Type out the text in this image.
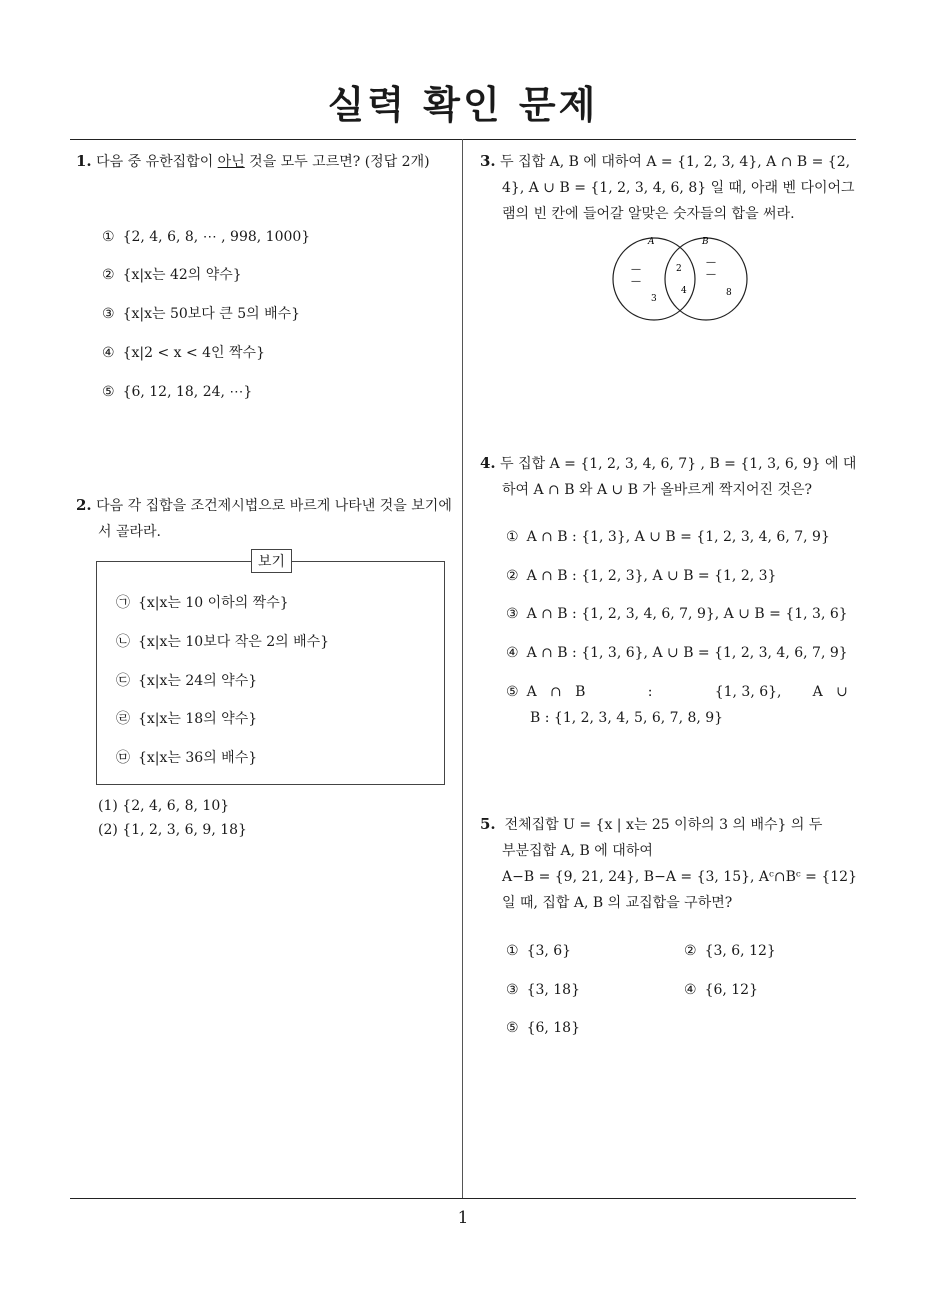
실력 확인 문제
1

1. 다음 중 유한집합이 아닌 것을 모두 고르면? (정답 2개)

① {2, 4, 6, 8, ⋯ , 998, 1000}
② {x|x는 42의 약수}
③ {x|x는 50보다 큰 5의 배수}
④ {x|2 < x < 4인 짝수}
⑤ {6, 12, 18, 24, ⋯}

2. 다음 각 집합을 조건제시법으로 바르게 나타낸 것을 보기에서 골라라.

보기
㉠ {x|x는 10 이하의 짝수}
㉡ {x|x는 10보다 작은 2의 배수}
㉢ {x|x는 24의 약수}
㉣ {x|x는 18의 약수}
㉤ {x|x는 36의 배수}
(1) {2, 4, 6, 8, 10}
(2) {1, 2, 3, 6, 9, 18}

3. 두 집합 A, B 에 대하여 A = {1, 2, 3, 4}, A ∩ B = {2, 4}, A ∪ B = {1, 2, 3, 4, 6, 8} 일 때, 아래 벤 다이어그램의 빈 칸에 들어갈 알맞은 숫자들의 합을 써라.

A	B
—
—
3
2
4
—
—
8

4. 두 집합 A = {1, 2, 3, 4, 6, 7} , B = {1, 3, 6, 9} 에 대하여 A ∩ B 와 A ∪ B 가 올바르게 짝지어진 것은?

① A ∩ B : {1, 3}, A ∪ B = {1, 2, 3, 4, 6, 7, 9}
② A ∩ B : {1, 2, 3}, A ∪ B = {1, 2, 3}
③ A ∩ B : {1, 2, 3, 4, 6, 7, 9}, A ∪ B = {1, 3, 6}
④ A ∩ B : {1, 3, 6}, A ∪ B = {1, 2, 3, 4, 6, 7, 9}
⑤ A   ∩   B              :              {1, 3, 6},       A   ∪
B : {1, 2, 3, 4, 5, 6, 7, 8, 9}
5. 전체집합 U = {x | x는 25 이하의 3 의 배수} 의 두
부분집합 A, B 에 대하여
A−B = {9, 21, 24}, B−A = {3, 15}, Aᶜ∩Bᶜ = {12}
일 때, 집합 A, B 의 교집합을 구하면?
① {3, 6}	② {3, 6, 12}
③ {3, 18}	④ {6, 12}
⑤ {6, 18}
